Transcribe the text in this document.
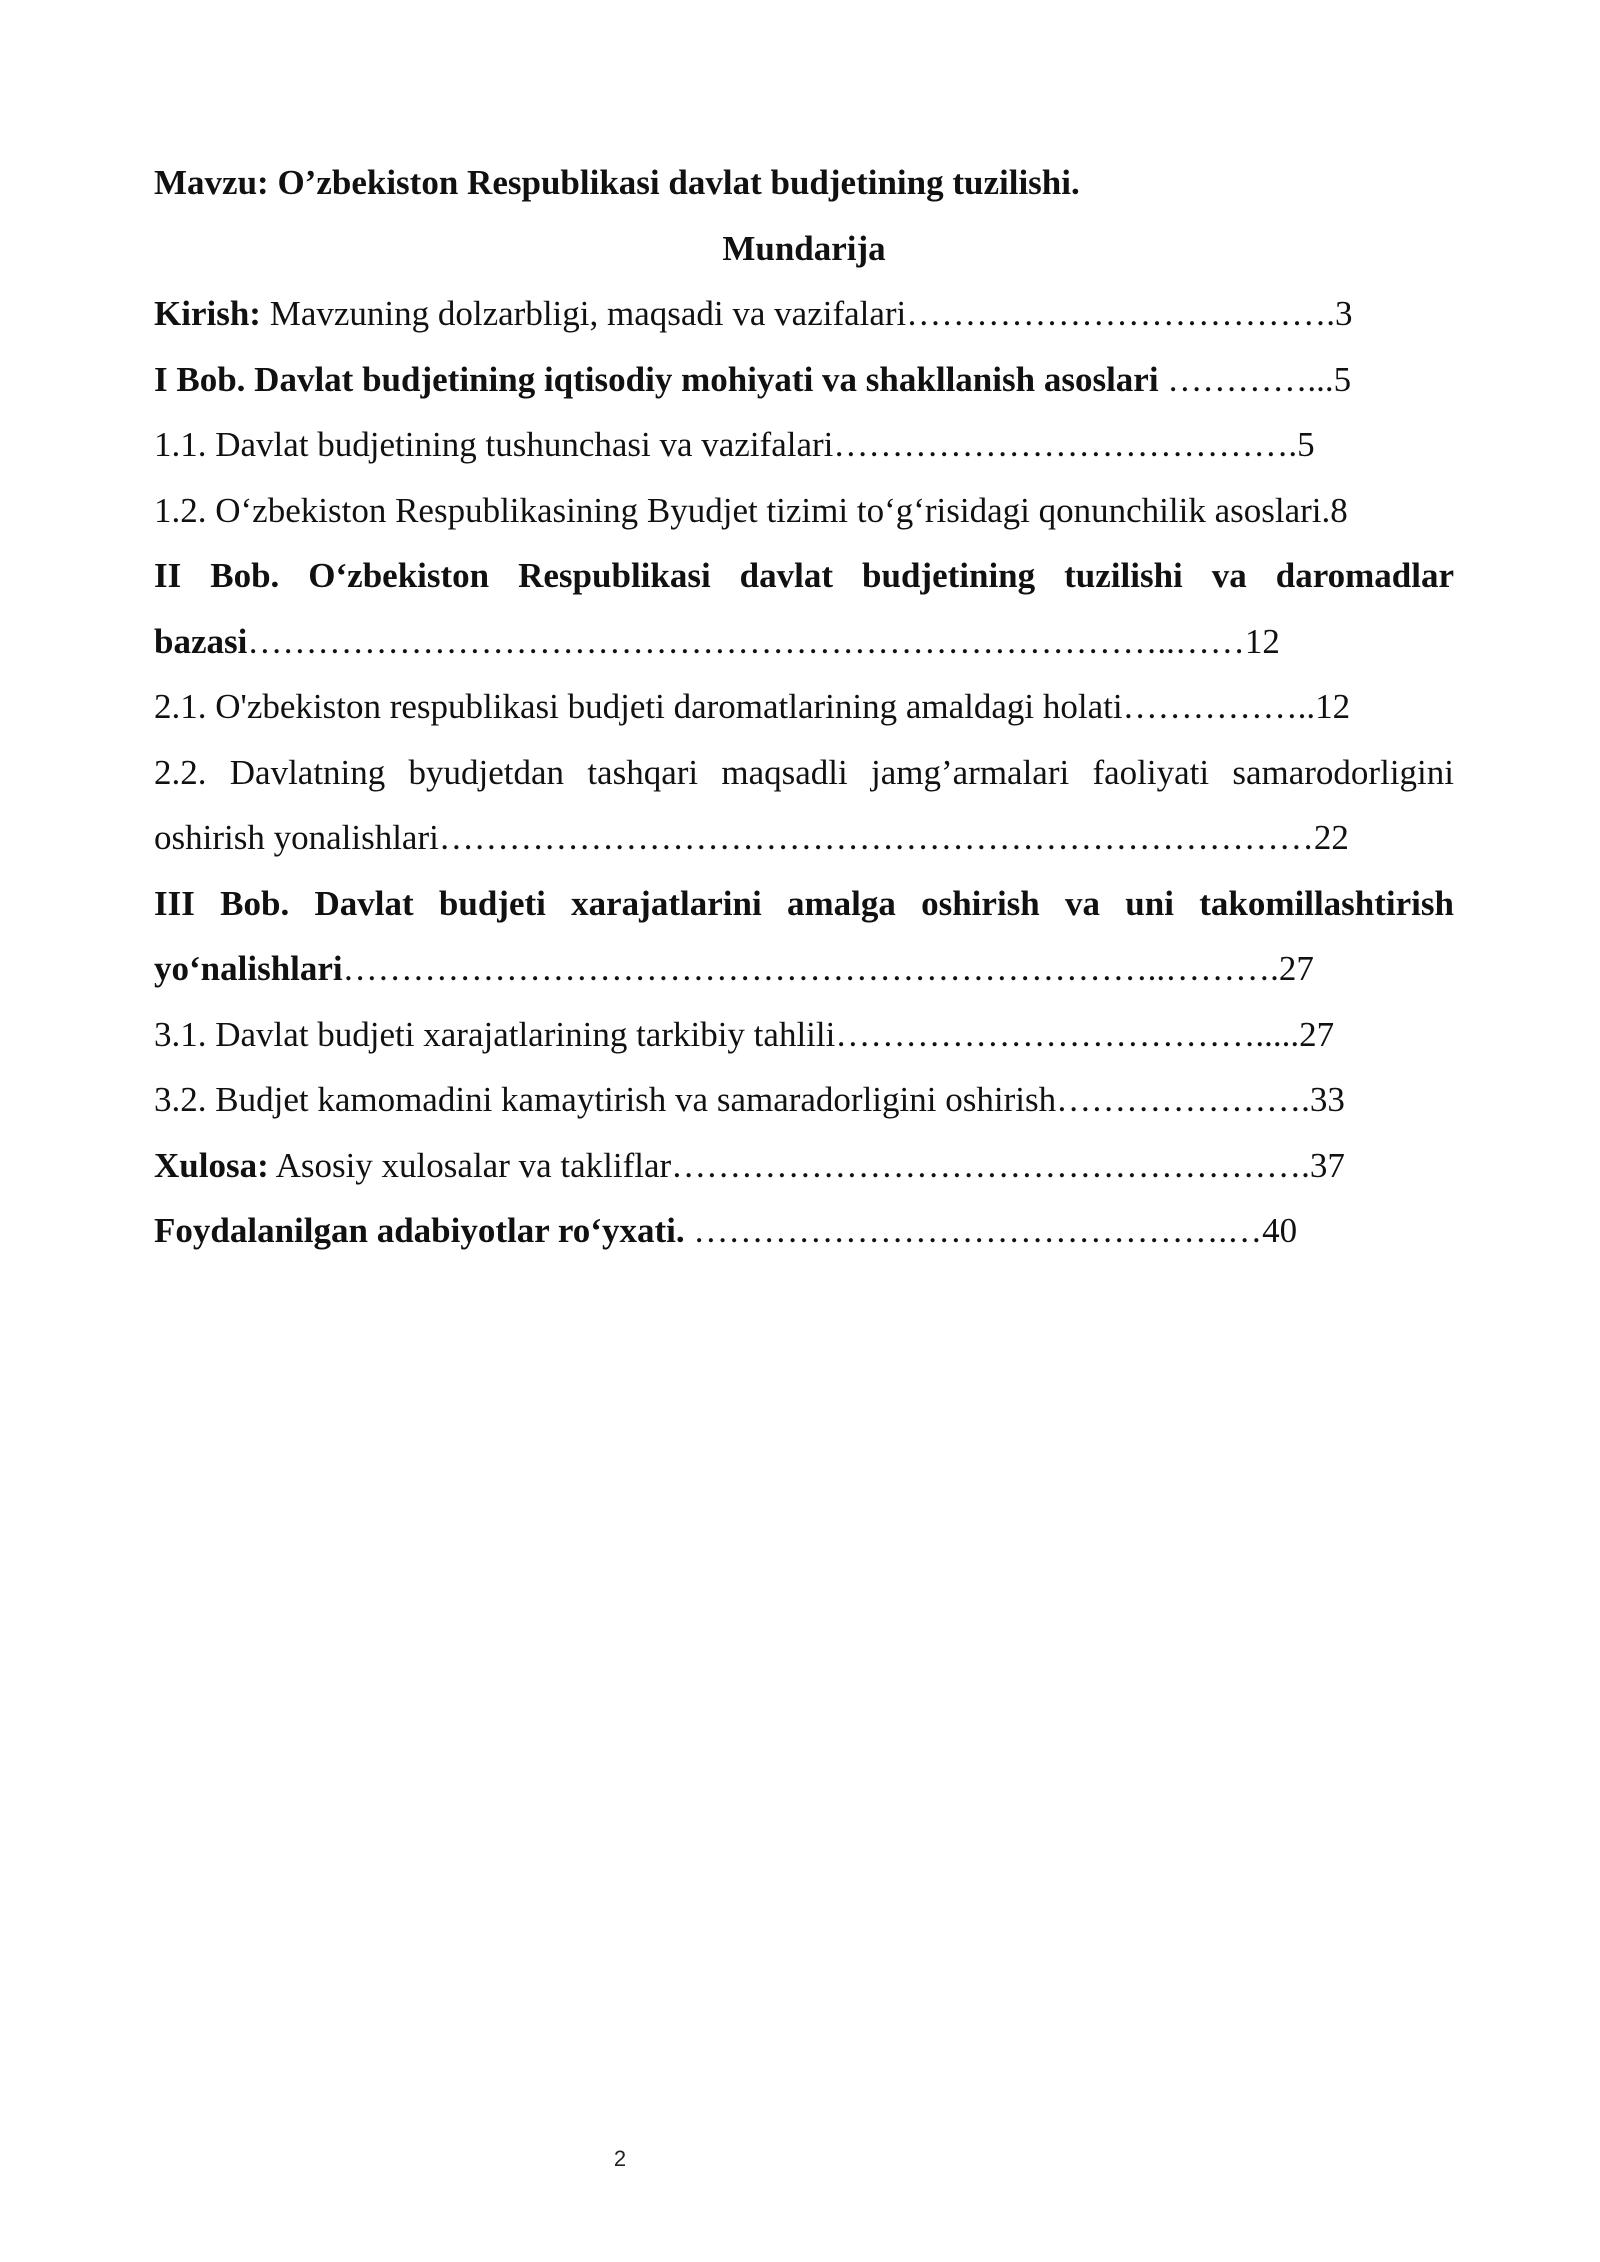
Mavzu: O’zbekiston Respublikasi davlat budjetining tuzilishi.

Mundarija

Kirish: Mavzuning dolzarbligi, maqsadi va vazifalari……………………………….3

I Bob. Davlat budjetining iqtisodiy mohiyati va shakllanish asoslari …………...5

1.1. Davlat budjetining tushunchasi va vazifalari………………………………….5

1.2. O‘zbekiston Respublikasining Byudjet tizimi to‘g‘risidagi qonunchilik asoslari.8

II Bob. O‘zbekiston Respublikasi davlat budjetining tuzilishi va daromadlar

bazasi……………………………………………………………………..……12

2.1. O'zbekiston respublikasi budjeti daromatlarining amaldagi holati……………..12

2.2. Davlatning byudjetdan tashqari maqsadli jamg’armalari faoliyati samarodorligini

oshirish yonalishlari…………………………………………………………………22

III Bob. Davlat budjeti xarajatlarini amalga oshirish va uni takomillashtirish

yo‘nalishlari……………………………………………………………..……….27

3.1. Davlat budjeti xarajatlarining tarkibiy tahlili……………………………….....27

3.2. Budjet kamomadini kamaytirish va samaradorligini oshirish………………….33

Xulosa: Asosiy xulosalar va takliflar……………………………………………….37

Foydalanilgan adabiyotlar ro‘yxati. ……………………………………….…40

2
